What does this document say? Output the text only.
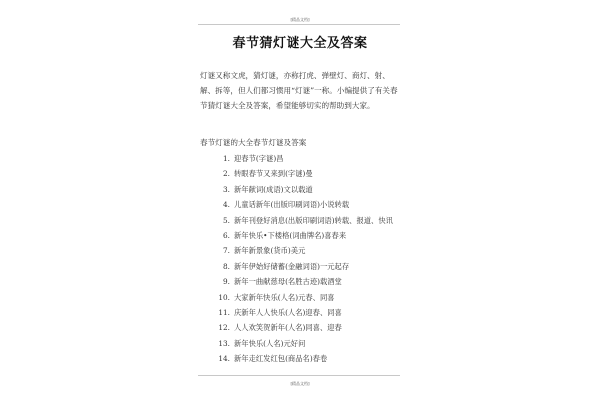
[精品文档]
春节猜灯谜大全及答案

灯谜又称文虎，猜灯谜，亦称打虎、弹壁灯、商灯、射、解、拆等，但人们都习惯用“灯谜”一称。小编提供了有关春节猜灯谜大全及答案，希望能够切实的帮助到大家。

春节灯谜的大全春节灯谜及答案
1. 迎春节(字谜)昌
2. 转眼春节又来到(字谜)曼
3. 新年献词(成语)文以载道
4. 儿童话新年(出版印刷词语)小说转载
5. 新年刊登好消息(出版印刷词语)转载、报道、快讯
6. 新年快乐•下楼格(词曲牌名)喜春来
7. 新年新景象(货币)美元
8. 新年伊始好储蓄(金融词语)一元起存
9. 新年一曲献慈母(名胜古迹)载酒堂
10. 大家新年快乐(人名)元春、同喜
11. 庆新年人人快乐(人名)迎春、同喜
12. 人人欢笑贺新年(人名)同喜、迎春
13. 新年快乐(人名)元好问
14. 新年走红发红包(商品名)春卷
[精品文档]
